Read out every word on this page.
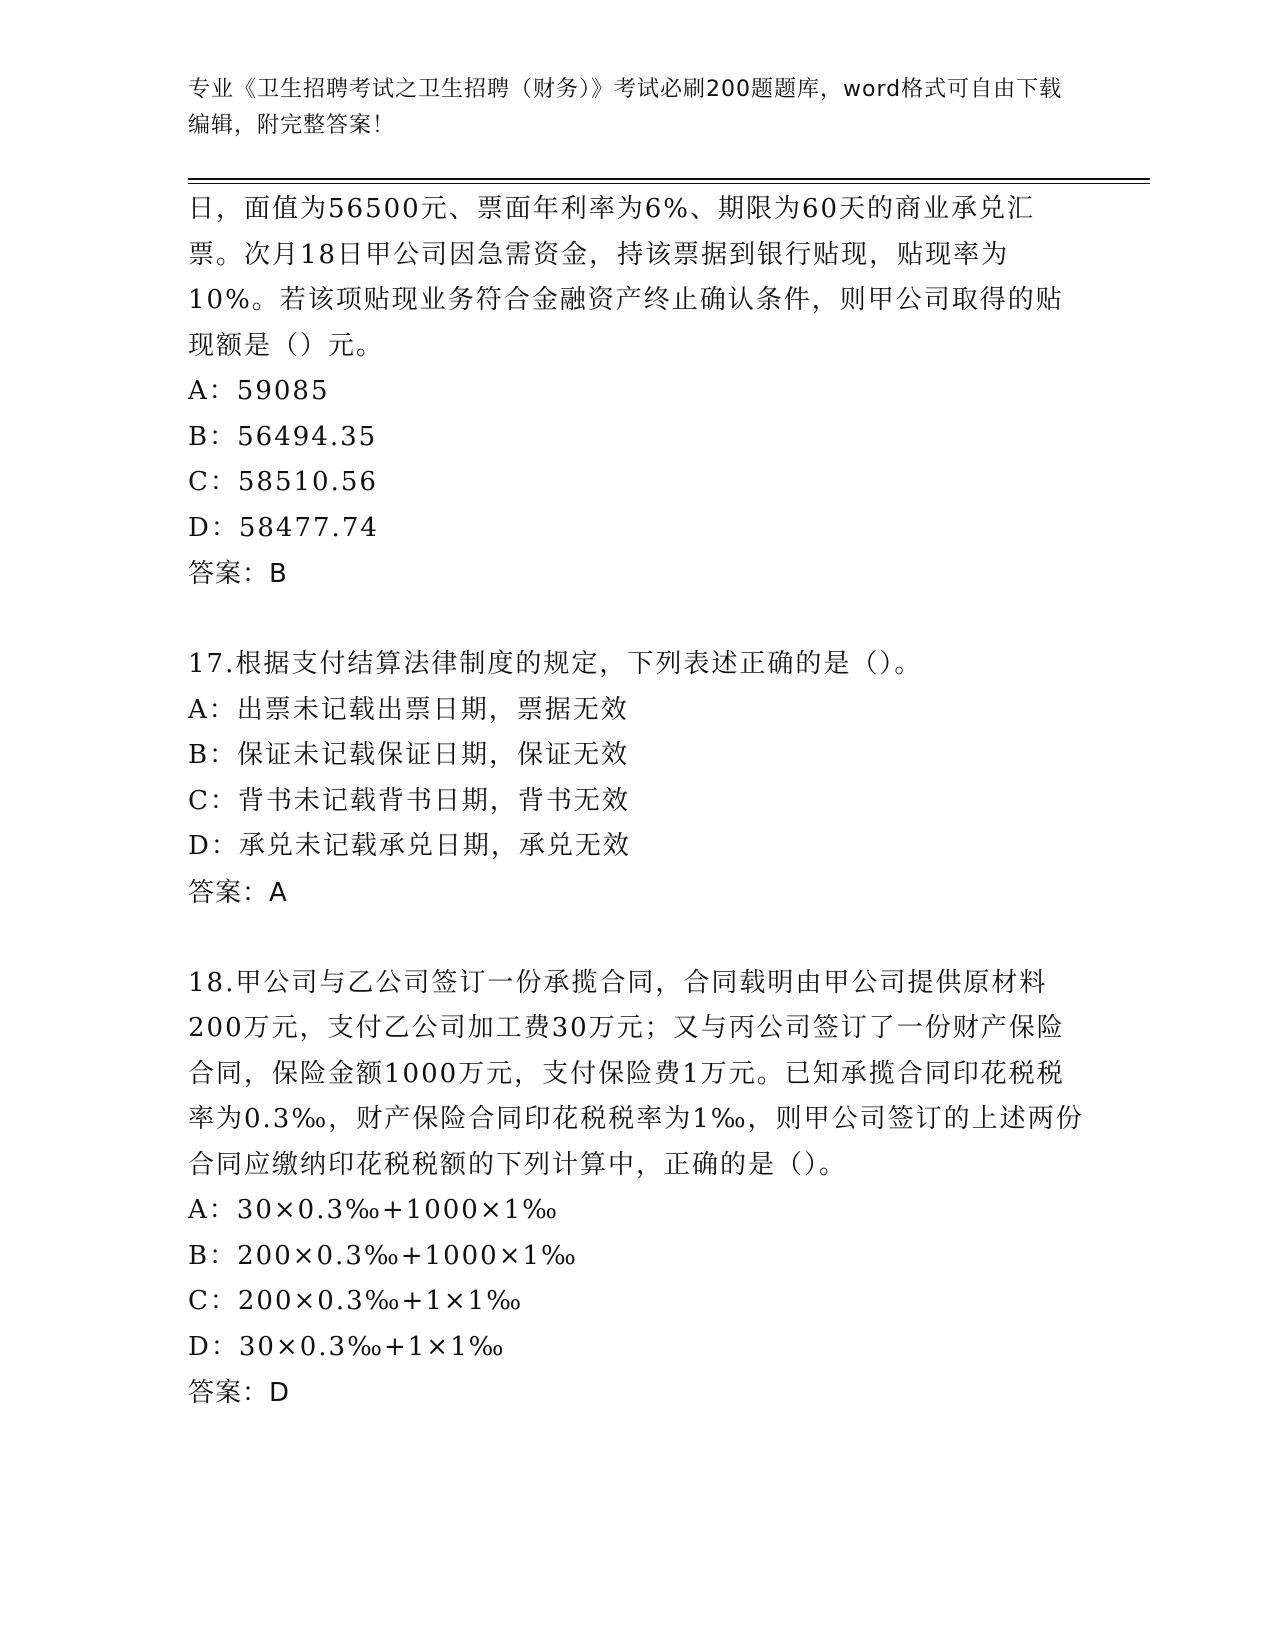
专业《卫生招聘考试之卫生招聘（财务）》考试必刷200题题库，word格式可自由下载编辑，附完整答案！

日，面值为56500元、票面年利率为6%、期限为60天的商业承兑汇票。次月18日甲公司因急需资金，持该票据到银行贴现，贴现率为10%。若该项贴现业务符合金融资产终止确认条件，则甲公司取得的贴现额是（）元。

A：59085

B：56494.35

C：58510.56

D：58477.74

答案：B

17.根据支付结算法律制度的规定，下列表述正确的是（）。

A：出票未记载出票日期，票据无效

B：保证未记载保证日期，保证无效

C：背书未记载背书日期，背书无效

D：承兑未记载承兑日期，承兑无效

答案：A

18.甲公司与乙公司签订一份承揽合同，合同载明由甲公司提供原材料200万元，支付乙公司加工费30万元；又与丙公司签订了一份财产保险合同，保险金额1000万元，支付保险费1万元。已知承揽合同印花税税率为0.3‰，财产保险合同印花税税率为1‰，则甲公司签订的上述两份合同应缴纳印花税税额的下列计算中，正确的是（）。

A：30×0.3‰+1000×1‰

B：200×0.3‰+1000×1‰

C：200×0.3‰+1×1‰

D：30×0.3‰+1×1‰

答案：D
